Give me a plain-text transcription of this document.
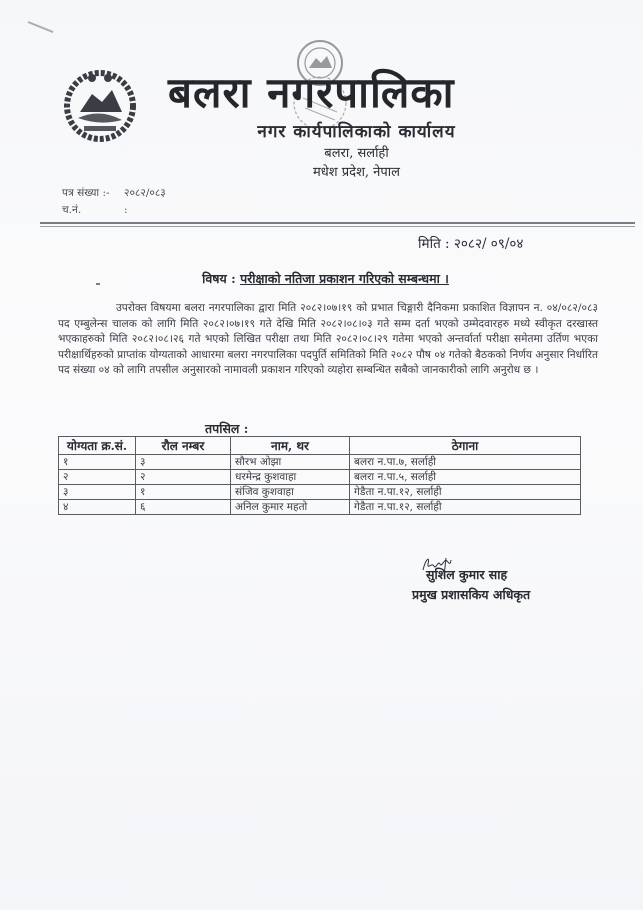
बलरा नगरपालिका
नगर कार्यपालिकाको कार्यालय
बलरा, सर्लाही
मधेश प्रदेश, नेपाल
पत्र संख्या :-	२०८२/०८३
च.नं.	:
मिति : २०८२/ ०९/०४
विषय : परीक्षाको नतिजा प्रकाशन गरिएको सम्बन्धमा ।
उपरोक्त विषयमा बलरा नगरपालिका द्वारा मिति २०८२।०७।१९ को प्रभात चिङ्गारी दैनिकमा प्रकाशित विज्ञापन न. ०४/०८२/०८३ पद एम्बुलेन्स चालक को लागि मिति २०८२।०७।१९ गते देखि मिति २०८२।०८।०३ गते सम्म दर्ता भएको उम्मेदवारहरु मध्ये स्वीकृत दरखास्त भएकाहरुको मिति २०८२।०८।२६ गते भएको लिखित परीक्षा तथा मिति २०८२।०८।२९ गतेमा भएको अन्तर्वार्ता परीक्षा समेतमा उर्तिण भएका परीक्षार्थिहरुको प्राप्तांक योग्यताको आधारमा बलरा नगरपालिका पदपुर्ति समितिको मिति २०८२ पौष ०४ गतेको बैठकको निर्णय अनुसार निर्धारित पद संख्या ०४ को लागि तपसील अनुसारको नामावली प्रकाशन गरिएको व्यहोरा सम्बन्धित सबैको जानकारीको लागि अनुरोध छ ।
तपसिल :
योग्यता क्र.सं.	रौल नम्बर	नाम, थर	ठेगाना
१	३	सौरभ ओझा	बलरा न.पा.७, सर्लाही
२	२	धरमेन्द्र कुशवाहा	बलरा न.पा.५, सर्लाही
३	१	संजिव कुशवाहा	गेडैता न.पा.१२, सर्लाही
४	६	अनिल कुमार महतो	गेडैता न.पा.१२, सर्लाही
सुशिल कुमार साह
प्रमुख प्रशासकिय अधिकृत
